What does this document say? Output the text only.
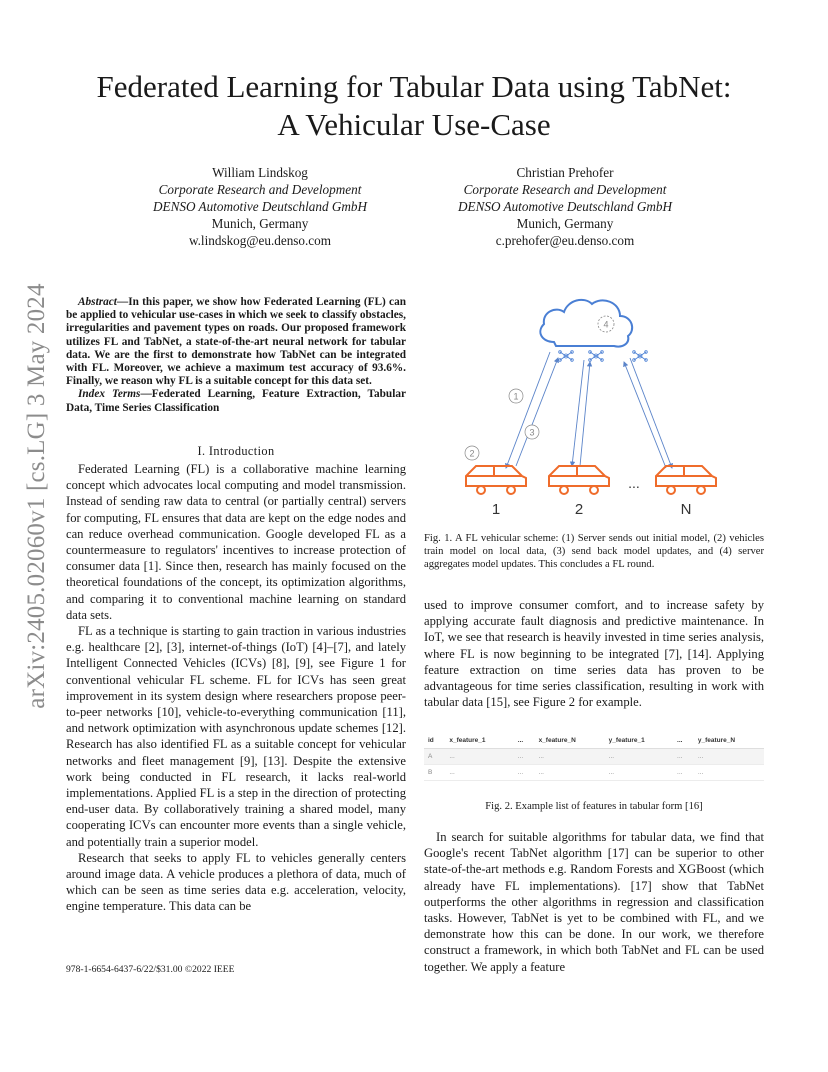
Federated Learning for Tabular Data using TabNet:
A Vehicular Use-Case
William Lindskog
Corporate Research and Development
DENSO Automotive Deutschland GmbH
Munich, Germany
w.lindskog@eu.denso.com
Christian Prehofer
Corporate Research and Development
DENSO Automotive Deutschland GmbH
Munich, Germany
c.prehofer@eu.denso.com
arXiv:2405.02060v1 [cs.LG] 3 May 2024	Abstract—In this paper, we show how Federated Learning (FL) can be applied to vehicular use-cases in which we seek to classify obstacles, irregularities and pavement types on roads. Our proposed framework utilizes FL and TabNet, a state-of-the-art neural network for tabular data. We are the first to demonstrate how TabNet can be integrated with FL. Moreover, we achieve a maximum test accuracy of 93.6%. Finally, we reason why FL is a suitable concept for this data set.

Index Terms—Federated Learning, Feature Extraction, Tabular Data, Time Series Classification

I. Introduction

Federated Learning (FL) is a collaborative machine learning concept which advocates local computing and model transmission. Instead of sending raw data to central (or partially central) servers for computing, FL ensures that data are kept on the edge nodes and can reduce overhead communication. Google developed FL as a countermeasure to regulators' incentives to increase protection of consumer data [1]. Since then, research has mainly focused on the theoretical foundations of the concept, its optimization algorithms, and comparing it to conventional machine learning on standard data sets.

FL as a technique is starting to gain traction in various industries e.g. healthcare [2], [3], internet-of-things (IoT) [4]–[7], and lately Intelligent Connected Vehicles (ICVs) [8], [9], see Figure 1 for conventional vehicular FL scheme. FL for ICVs has seen great improvement in its system design where researchers propose peer-to-peer networks [10], vehicle-to-everything communication [11], and network optimization with asynchronous update schemes [12]. Research has also identified FL as a suitable concept for vehicular networks and fleet management [9], [13]. Despite the extensive work being conducted in FL research, it lacks real-world implementations. Applied FL is a step in the direction of protecting end-user data. By collaboratively training a shared model, many cooperating ICVs can encounter more events than a single vehicle, and potentially train a superior model.

Research that seeks to apply FL to vehicles generally centers around image data. A vehicle produces a plethora of data, much of which can be seen as time series data e.g. acceleration, velocity, engine temperature. This data can be

978-1-6654-6437-6/22/$31.00 ©2022 IEEE
4
1
2
3
...
1	2	N
Fig. 1. A FL vehicular scheme: (1) Server sends out initial model, (2) vehicles train model on local data, (3) send back model updates, and (4) server aggregates model updates. This concludes a FL round.

used to improve consumer comfort, and to increase safety by applying accurate fault diagnosis and predictive maintenance. In IoT, we see that research is heavily invested in time series analysis, where FL is now beginning to be integrated [7], [14]. Applying feature extraction on time series data has proven to be advantageous for time series classification, resulting in work with tabular data [15], see Figure 2 for example.

id	x_feature_1	...	x_feature_N	y_feature_1	...	y_feature_N
A	...	...	...	...	...	...
B	...	...	...	...	...	...
Fig. 2. Example list of features in tabular form [16]

In search for suitable algorithms for tabular data, we find that Google's recent TabNet algorithm [17] can be superior to other state-of-the-art methods e.g. Random Forests and XGBoost (which already have FL implementations). [17] show that TabNet outperforms the other algorithms in regression and classification tasks. However, TabNet is yet to be combined with FL, and we demonstrate how this can be done. In our work, we therefore construct a framework, in which both TabNet and FL can be used together. We apply a feature
